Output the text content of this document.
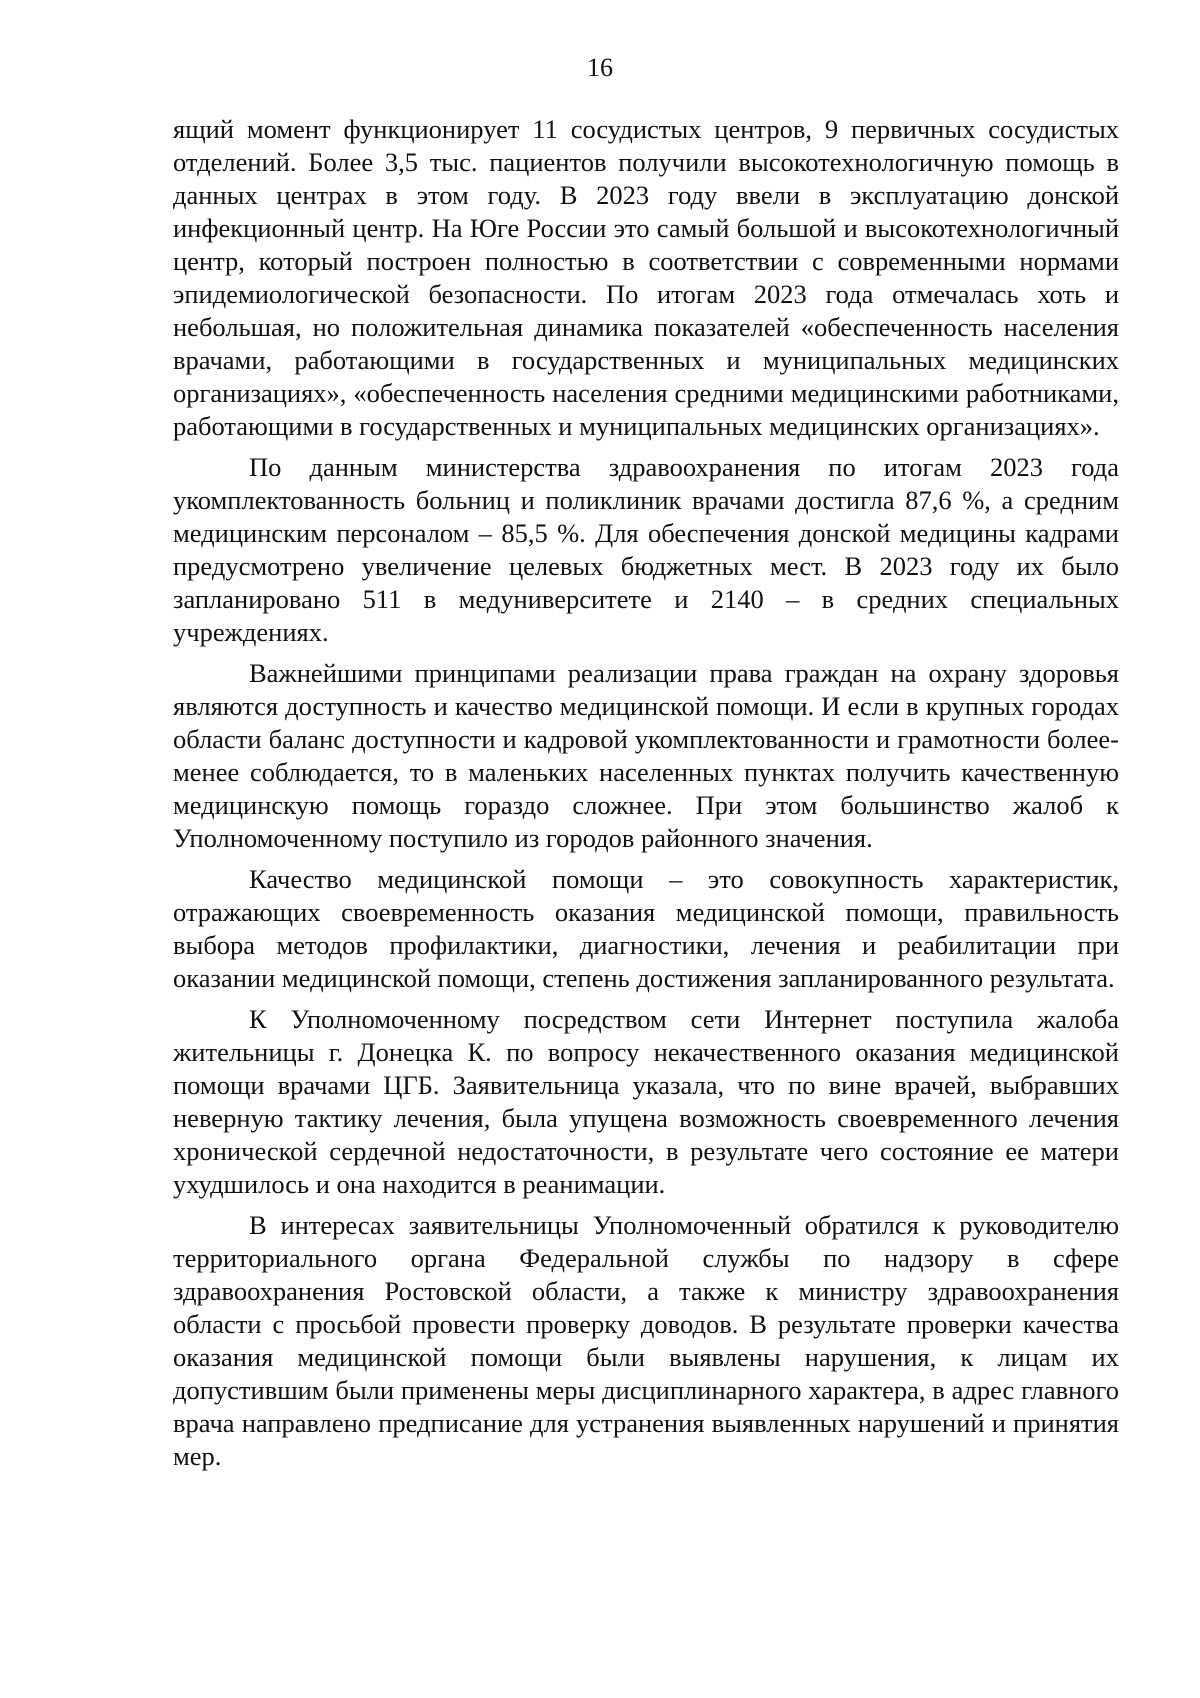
16

ящий момент функционирует 11 сосудистых центров, 9 первичных сосудистых отделений. Более 3,5 тыс. пациентов получили высокотехнологичную помощь в данных центрах в этом году. В 2023 году ввели в эксплуатацию донской инфекционный центр. На Юге России это самый большой и высокотехнологичный центр, который построен полностью в соответствии с современными нормами эпидемиологической безопасности. По итогам 2023 года отмечалась хоть и небольшая, но положительная динамика показателей «обеспеченность населения врачами, работающими в государственных и муниципальных медицинских организациях», «обеспеченность населения средними медицинскими работниками, работающими в государственных и муниципальных медицинских организациях».

По данным министерства здравоохранения по итогам 2023 года укомплектованность больниц и поликлиник врачами достигла 87,6 %, а средним медицинским персоналом – 85,5 %. Для обеспечения донской медицины кадрами предусмотрено увеличение целевых бюджетных мест. В 2023 году их было запланировано 511 в медуниверситете и 2140 – в средних специальных учреждениях.

Важнейшими принципами реализации права граждан на охрану здоровья являются доступность и качество медицинской помощи. И если в крупных городах области баланс доступности и кадровой укомплектованности и грамотности более-менее соблюдается, то в маленьких населенных пунктах получить качественную медицинскую помощь гораздо сложнее. При этом большинство жалоб к Уполномоченному поступило из городов районного значения.

Качество медицинской помощи – это совокупность характеристик, отражающих своевременность оказания медицинской помощи, правильность выбора методов профилактики, диагностики, лечения и реабилитации при оказании медицинской помощи, степень достижения запланированного результата.

К Уполномоченному посредством сети Интернет поступила жалоба жительницы г. Донецка К. по вопросу некачественного оказания медицинской помощи врачами ЦГБ. Заявительница указала, что по вине врачей, выбравших неверную тактику лечения, была упущена возможность своевременного лечения хронической сердечной недостаточности, в результате чего состояние ее матери ухудшилось и она находится в реанимации.

В интересах заявительницы Уполномоченный обратился к руководителю территориального органа Федеральной службы по надзору в сфере здравоохранения Ростовской области, а также к министру здравоохранения области с просьбой провести проверку доводов. В результате проверки качества оказания медицинской помощи были выявлены нарушения, к лицам их допустившим были применены меры дисциплинарного характера, в адрес главного врача направлено предписание для устранения выявленных нарушений и принятия мер.
